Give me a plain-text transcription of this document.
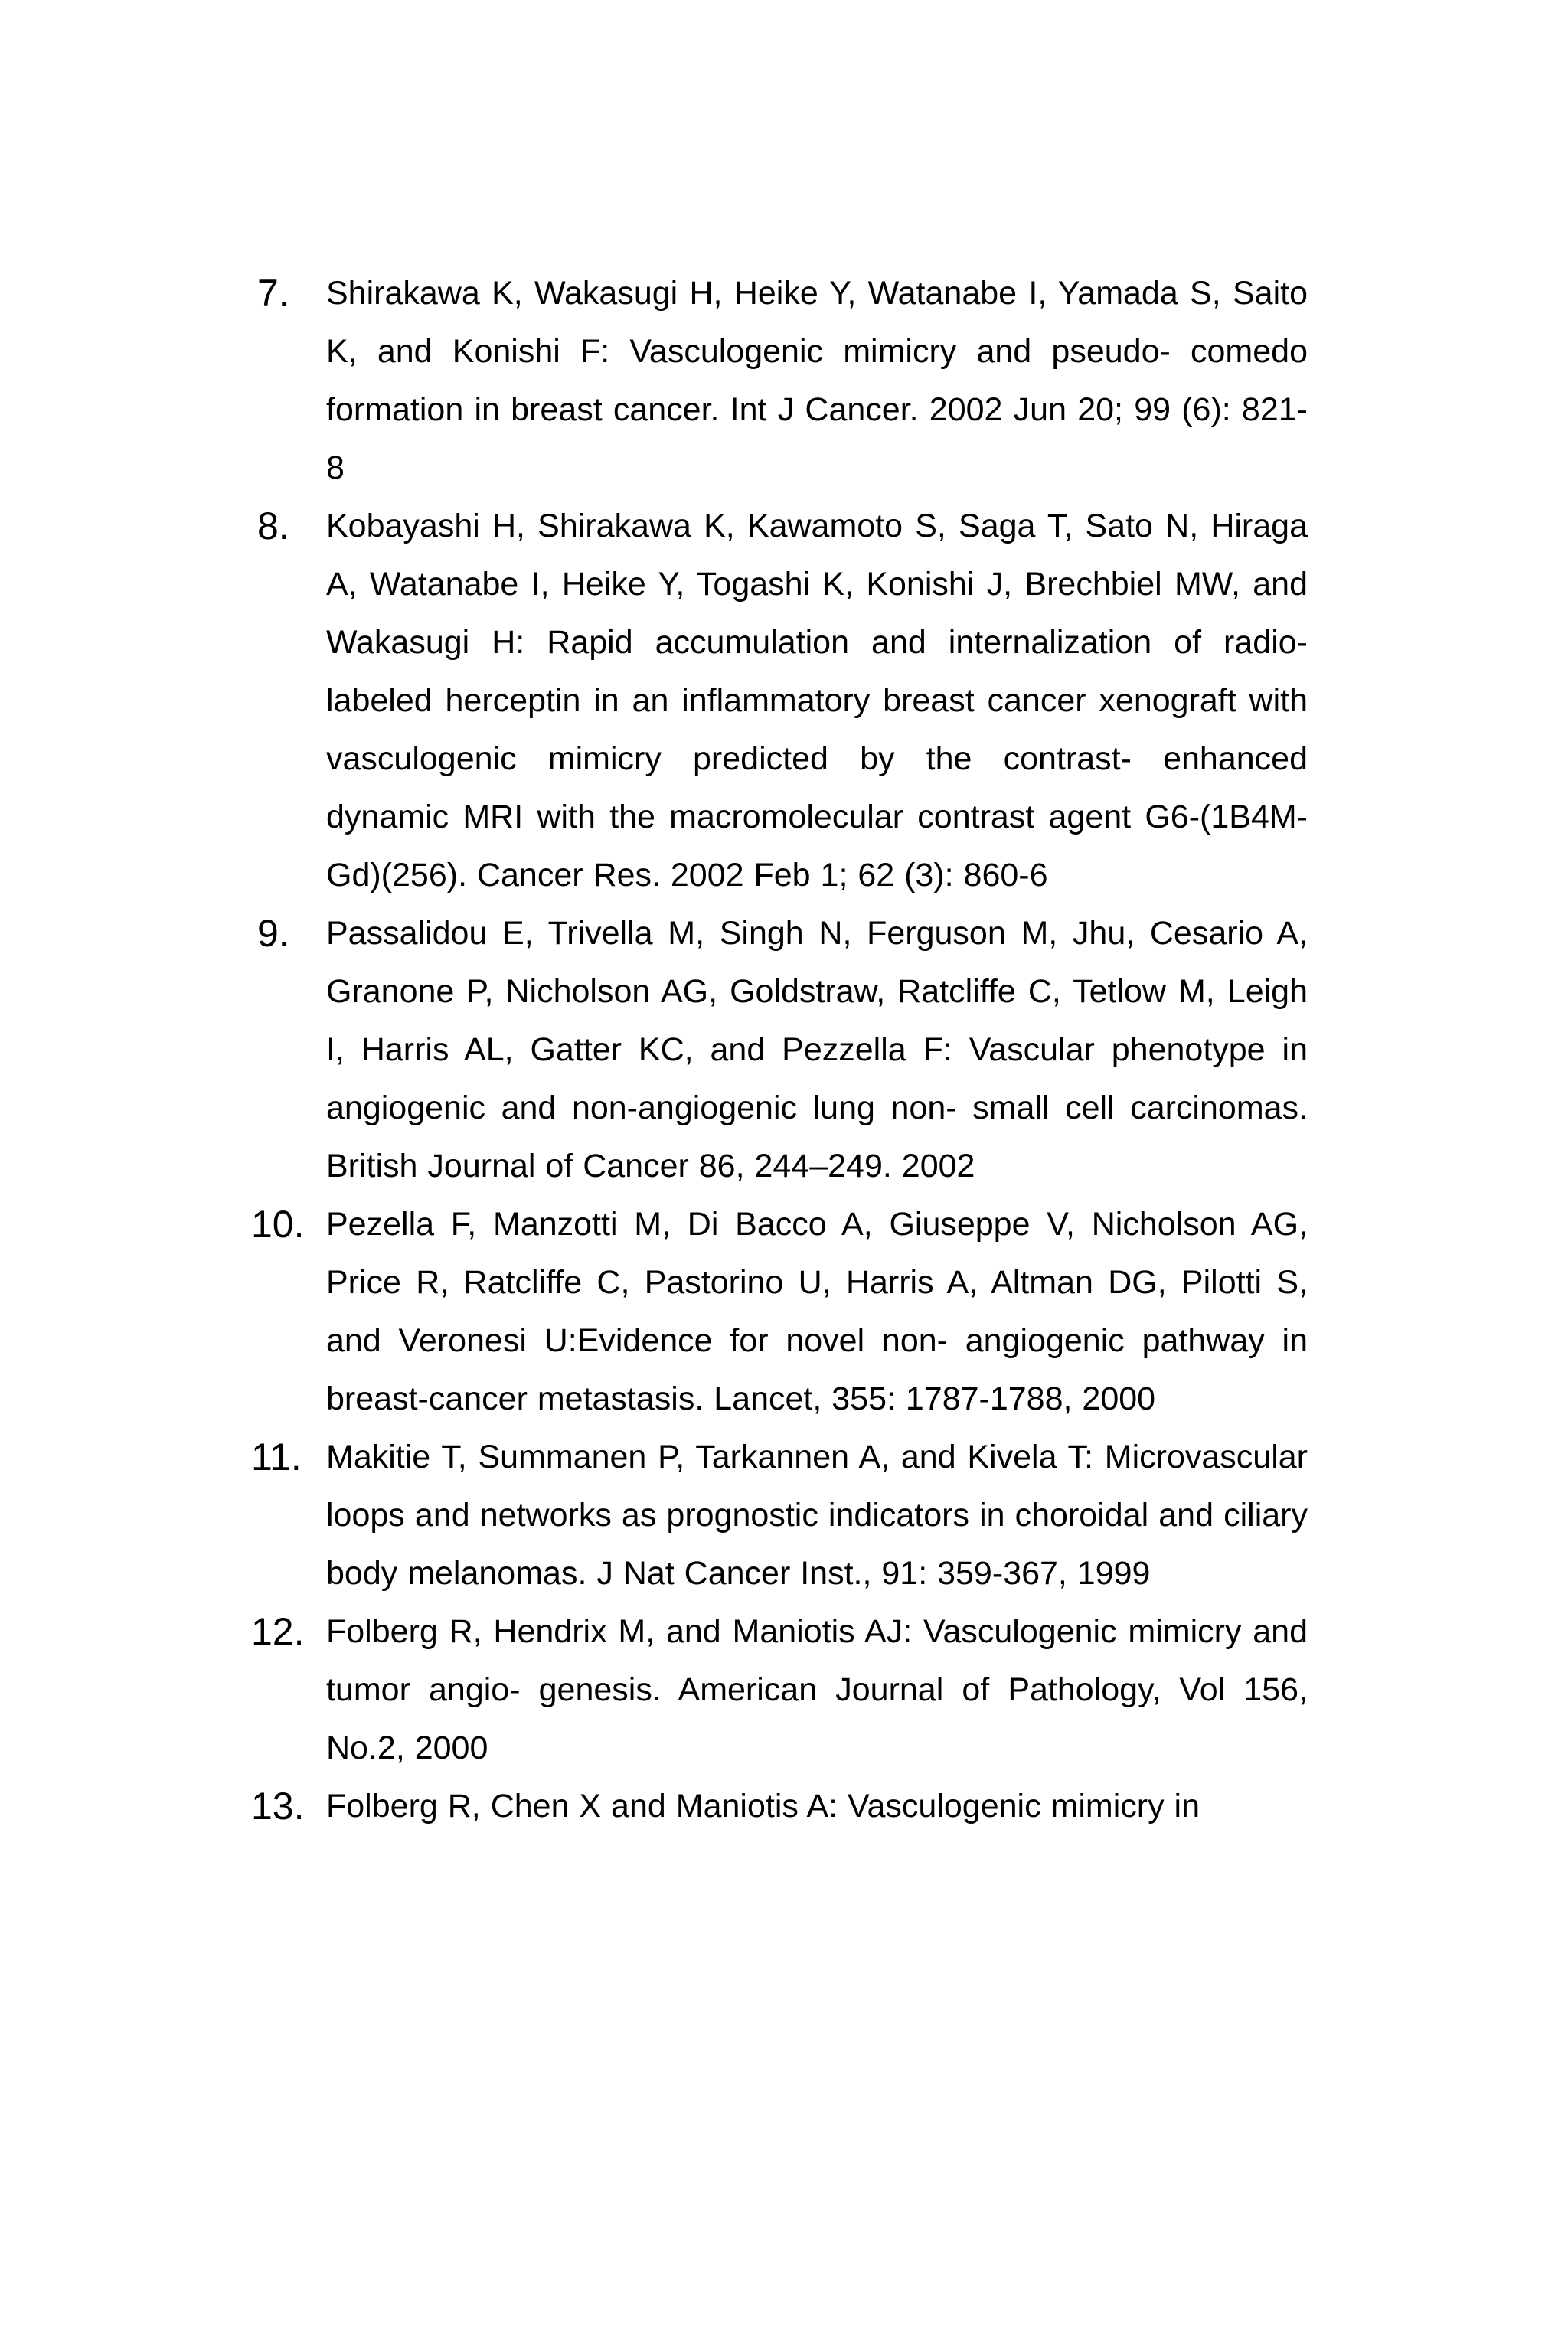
7. Shirakawa K, Wakasugi H, Heike Y, Watanabe I, Yamada S, Saito K, and Konishi F: Vasculogenic mimicry and pseudo- comedo formation in breast cancer. Int J Cancer. 2002 Jun 20; 99 (6): 821-8
8. Kobayashi H, Shirakawa K, Kawamoto S, Saga T, Sato N, Hiraga A, Watanabe I, Heike Y, Togashi K, Konishi J, Brechbiel MW, and Wakasugi H: Rapid accumulation and internalization of radio-labeled herceptin in an inflammatory breast cancer xenograft with vasculogenic mimicry predicted by the contrast- enhanced dynamic MRI with the macromolecular contrast agent G6-(1B4M- Gd)(256). Cancer Res. 2002 Feb 1; 62 (3): 860-6
9. Passalidou E, Trivella M, Singh N, Ferguson M, Jhu, Cesario A, Granone P, Nicholson AG, Goldstraw, Ratcliffe C, Tetlow M, Leigh I, Harris AL, Gatter KC, and Pezzella F: Vascular phenotype in angiogenic and non-angiogenic lung non- small cell carcinomas. British Journal of Cancer 86, 244–249. 2002
10. Pezella F, Manzotti M, Di Bacco A, Giuseppe V, Nicholson AG, Price R, Ratcliffe C, Pastorino U, Harris A, Altman DG, Pilotti S, and Veronesi U:Evidence for novel non- angiogenic pathway in breast-cancer metastasis. Lancet, 355: 1787-1788, 2000
11. Makitie T, Summanen P, Tarkannen A, and Kivela T: Microvascular loops and networks as prognostic indicators in choroidal and ciliary body melanomas. J Nat Cancer Inst., 91: 359-367, 1999
12. Folberg R, Hendrix M, and Maniotis AJ: Vasculogenic mimicry and tumor angio- genesis. American Journal of Pathology, Vol 156, No.2, 2000
13. Folberg R, Chen X and Maniotis A: Vasculogenic mimicry in
